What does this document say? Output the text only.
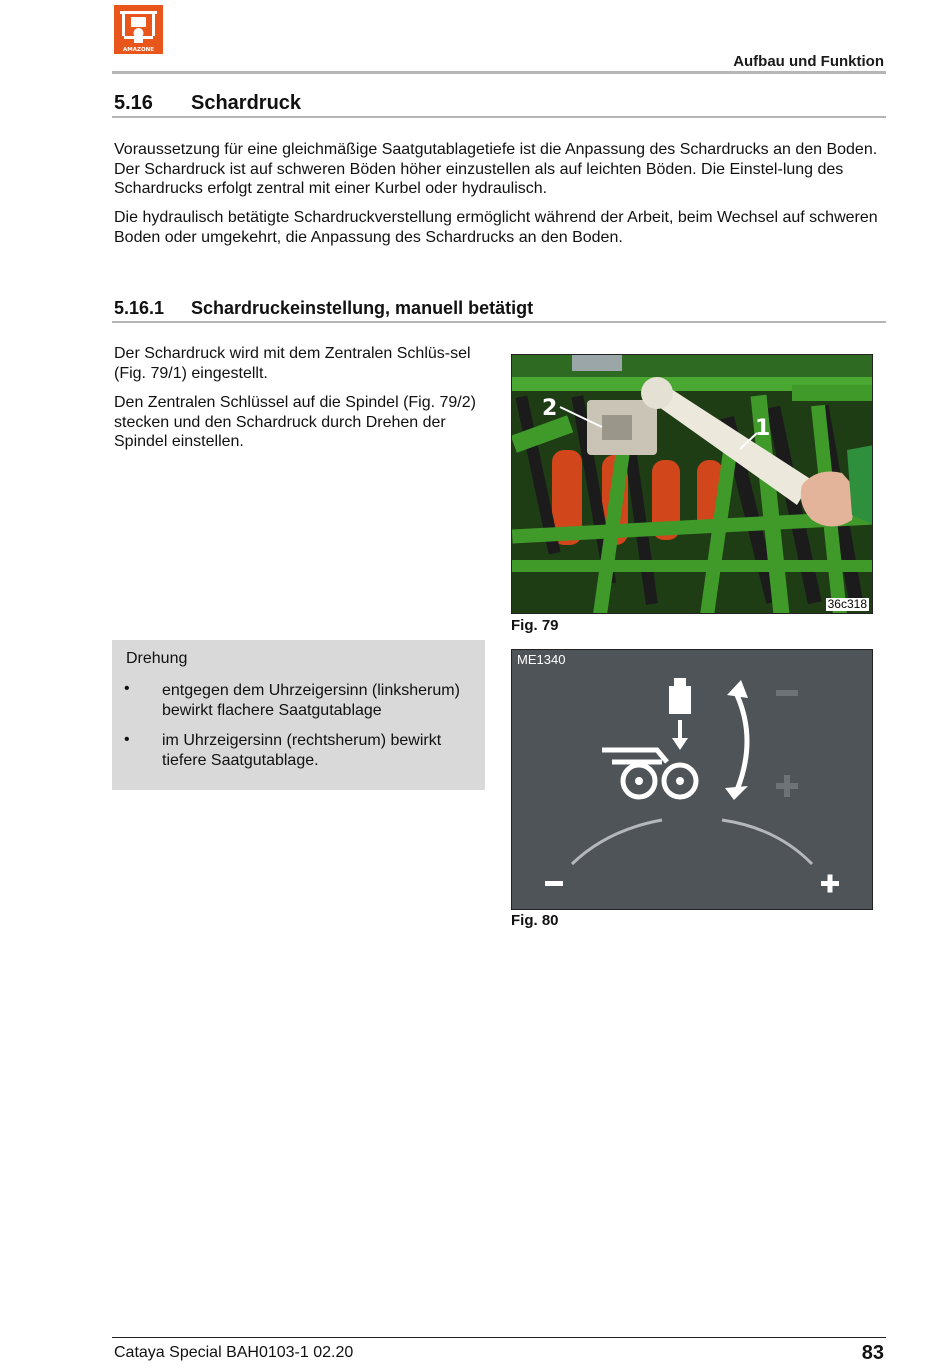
AMAZONE
Aufbau und Funktion
5.16 Schardruck

Voraussetzung für eine gleichmäßige Saatgutablagetiefe ist die Anpassung des Schardrucks an den Boden. Der Schardruck ist auf schweren Böden höher einzustellen als auf leichten Böden. Die Einstel-lung des Schardrucks erfolgt zentral mit einer Kurbel oder hydraulisch.

Die hydraulisch betätigte Schardruckverstellung ermöglicht während der Arbeit, beim Wechsel auf schweren Boden oder umgekehrt, die Anpassung des Schardrucks an den Boden.

5.16.1 Schardruckeinstellung, manuell betätigt

Der Schardruck wird mit dem Zentralen Schlüs-sel (Fig. 79/1) eingestellt.

Den Zentralen Schlüssel auf die Spindel (Fig. 79/2) stecken und den Schardruck durch Drehen der Spindel einstellen.

2
1
36c318
Fig. 79
Drehung
• entgegen dem Uhrzeigersinn (linksherum) bewirkt flachere Saatgutablage

• im Uhrzeigersinn (rechtsherum) bewirkt tiefere Saatgutablage.

ME1340
Fig. 80
Cataya Special BAH0103-1 02.20	83
